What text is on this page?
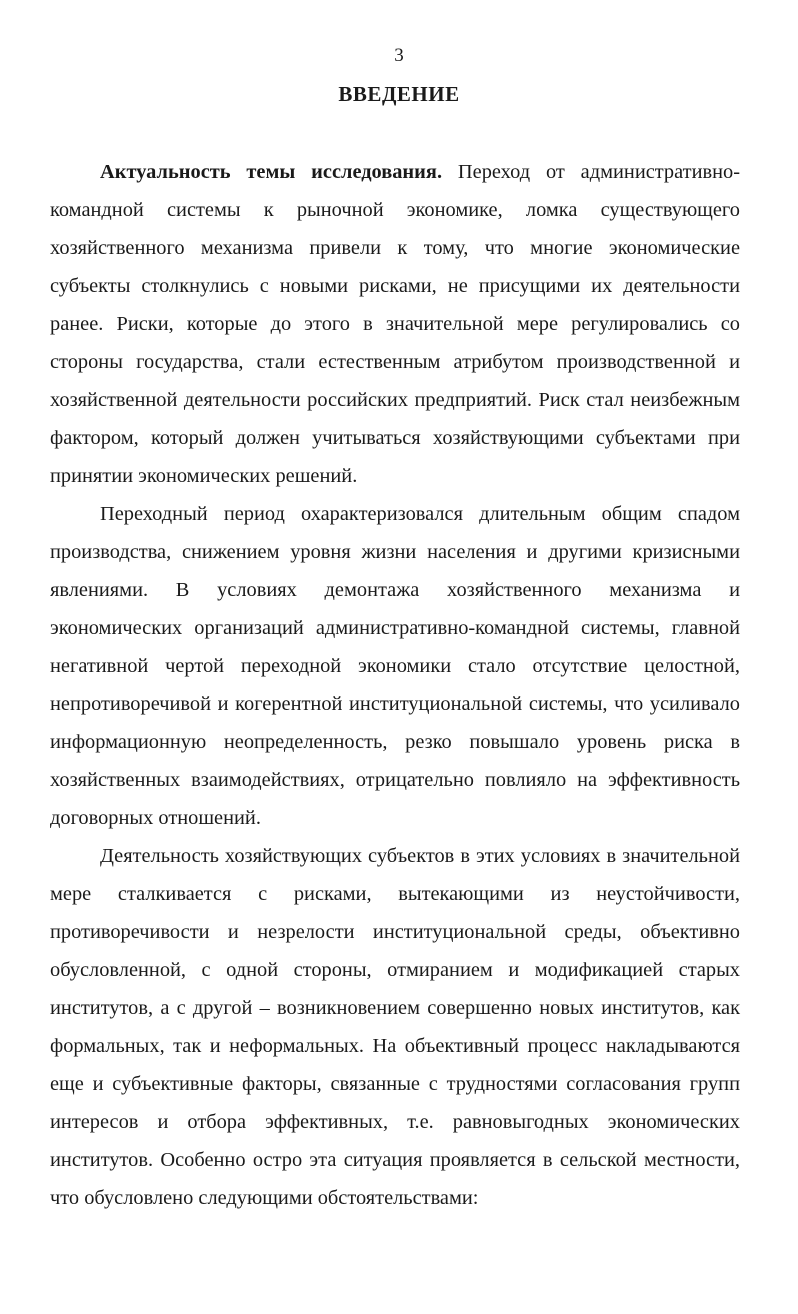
3
ВВЕДЕНИЕ

Актуальность темы исследования. Переход от административно-командной системы к рыночной экономике, ломка существующего хозяйственного механизма привели к тому, что многие экономические субъекты столкнулись с новыми рисками, не присущими их деятельности ранее. Риски, которые до этого в значительной мере регулировались со стороны государства, стали естественным атрибутом производственной и хозяйственной деятельности российских предприятий. Риск стал неизбежным фактором, который должен учитываться хозяйствующими субъектами при принятии экономических решений.

Переходный период охарактеризовался длительным общим спадом производства, снижением уровня жизни населения и другими кризисными явлениями. В условиях демонтажа хозяйственного механизма и экономических организаций административно-командной системы, главной негативной чертой переходной экономики стало отсутствие целостной, непротиворечивой и когерентной институциональной системы, что усиливало информационную неопределенность, резко повышало уровень риска в хозяйственных взаимодействиях, отрицательно повлияло на эффективность договорных отношений.

Деятельность хозяйствующих субъектов в этих условиях в значительной мере сталкивается с рисками, вытекающими из неустойчивости, противоречивости и незрелости институциональной среды, объективно обусловленной, с одной стороны, отмиранием и модификацией старых институтов, а с другой – возникновением совершенно новых институтов, как формальных, так и неформальных. На объективный процесс накладываются еще и субъективные факторы, связанные с трудностями согласования групп интересов и отбора эффективных, т.е. равновыгодных экономических институтов. Особенно остро эта ситуация проявляется в сельской местности, что обусловлено следующими обстоятельствами:
